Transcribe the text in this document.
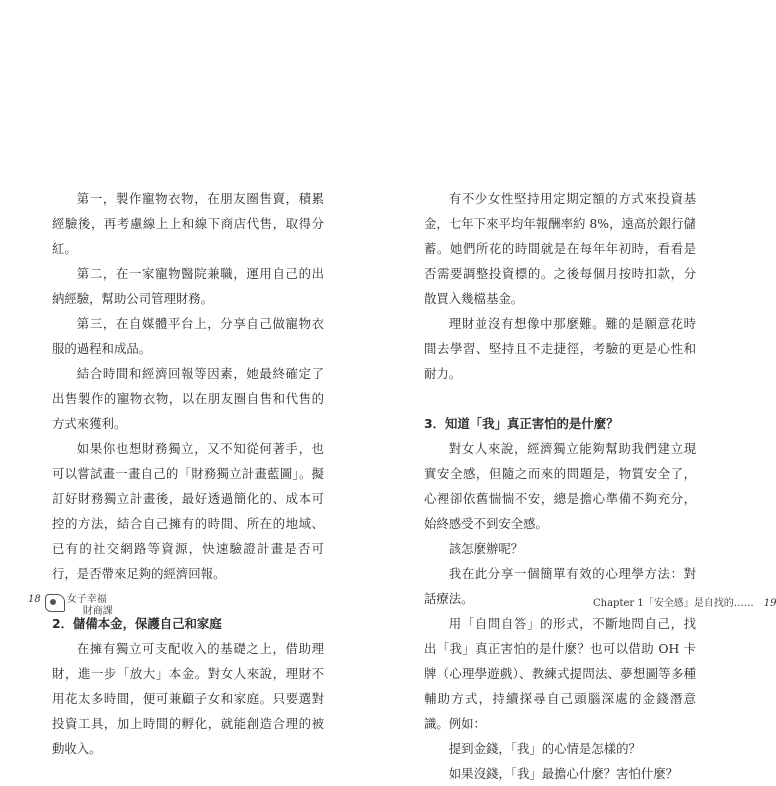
第一，製作寵物衣物，在朋友圈售賣，積累經驗後，再考慮線上上和線下商店代售，取得分紅。

第二，在一家寵物醫院兼職，運用自己的出納經驗，幫助公司管理財務。

第三，在自媒體平台上，分享自己做寵物衣服的過程和成品。

結合時間和經濟回報等因素，她最終確定了出售製作的寵物衣物，以在朋友圈自售和代售的方式來獲利。

如果你也想財務獨立，又不知從何著手，也可以嘗試畫一畫自己的「財務獨立計畫藍圖」。擬訂好財務獨立計畫後，最好透過簡化的、成本可控的方法，結合自己擁有的時間、所在的地域、已有的社交網路等資源，快速驗證計畫是否可行，是否帶來足夠的經濟回報。

2．儲備本金，保護自己和家庭

在擁有獨立可支配收入的基礎之上，借助理財，進一步「放大」本金。對女人來說，理財不用花太多時間，便可兼顧子女和家庭。只要選對投資工具，加上時間的孵化，就能創造合理的被動收入。

18	女子幸福
財商課

有不少女性堅持用定期定額的方式來投資基金，七年下來平均年報酬率約 8%，遠高於銀行儲蓄。她們所花的時間就是在每年年初時，看看是否需要調整投資標的。之後每個月按時扣款，分散買入幾檔基金。

理財並沒有想像中那麼難。難的是願意花時間去學習、堅持且不走捷徑，考驗的更是心性和耐力。

3．知道「我」真正害怕的是什麼？

對女人來說，經濟獨立能夠幫助我們建立現實安全感，但隨之而來的問題是，物質安全了，心裡卻依舊惴惴不安，總是擔心準備不夠充分，始終感受不到安全感。

該怎麼辦呢？

我在此分享一個簡單有效的心理學方法：對話療法。

用「自問自答」的形式，不斷地問自己，找出「我」真正害怕的是什麼？也可以借助 OH 卡牌（心理學遊戲）、教練式提問法、夢想圖等多種輔助方式，持續探尋自己頭腦深處的金錢潛意識。例如：

提到金錢，「我」的心情是怎樣的？

如果沒錢，「我」最擔心什麼？害怕什麼？

Chapter 1「安全感」是自找的…… 19
